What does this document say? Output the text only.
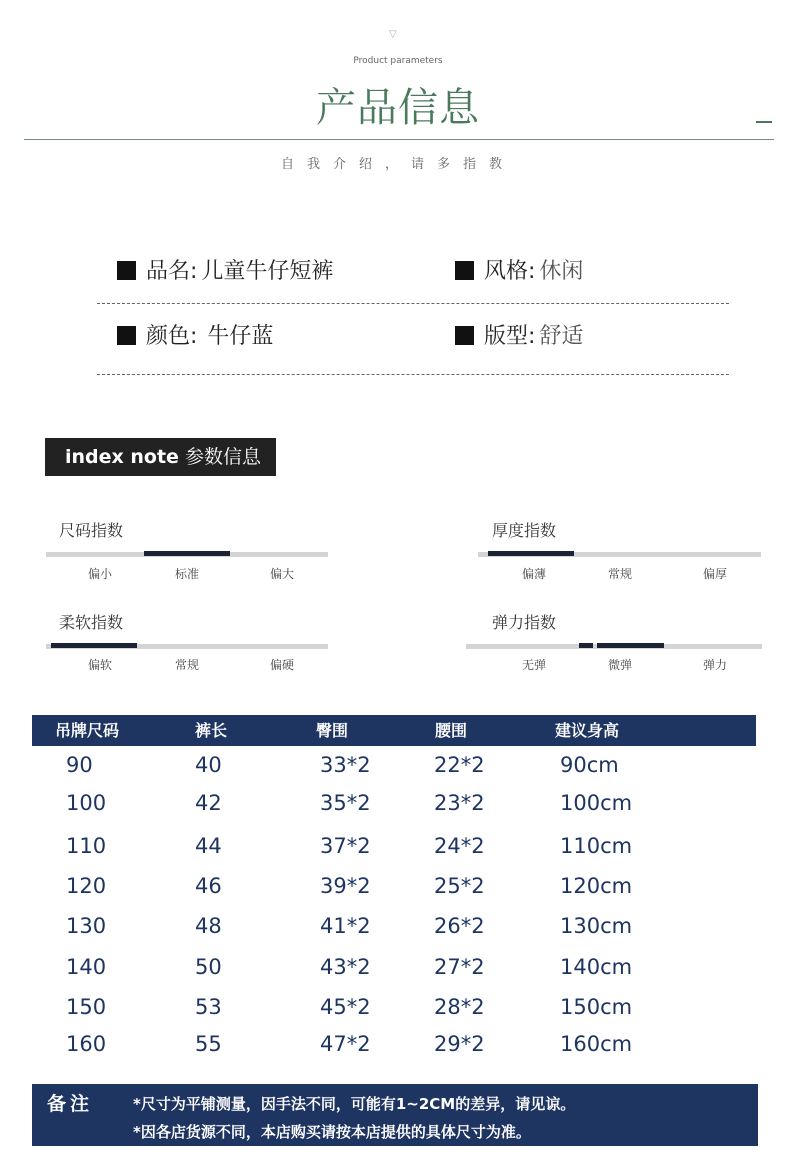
▽
Product parameters
产品信息
自我介绍，请多指教
品名: 儿童牛仔短裤	风格: 休闲
颜色: 牛仔蓝	版型: 舒适
index note 参数信息
尺码指数
偏小	标准	偏大
厚度指数
偏薄	常规	偏厚
柔软指数
偏软	常规	偏硬
弹力指数
无弹	微弹	弹力
吊牌尺码	裤长	臀围	腰围	建议身高
90	40	33*2	22*2	90cm
100	42	35*2	23*2	100cm
110	44	37*2	24*2	110cm
120	46	39*2	25*2	120cm
130	48	41*2	26*2	130cm
140	50	43*2	27*2	140cm
150	53	45*2	28*2	150cm
160	55	47*2	29*2	160cm
备注	*尺寸为平铺测量，因手法不同，可能有1~2CM的差异，请见谅。
*因各店货源不同，本店购买请按本店提供的具体尺寸为准。
